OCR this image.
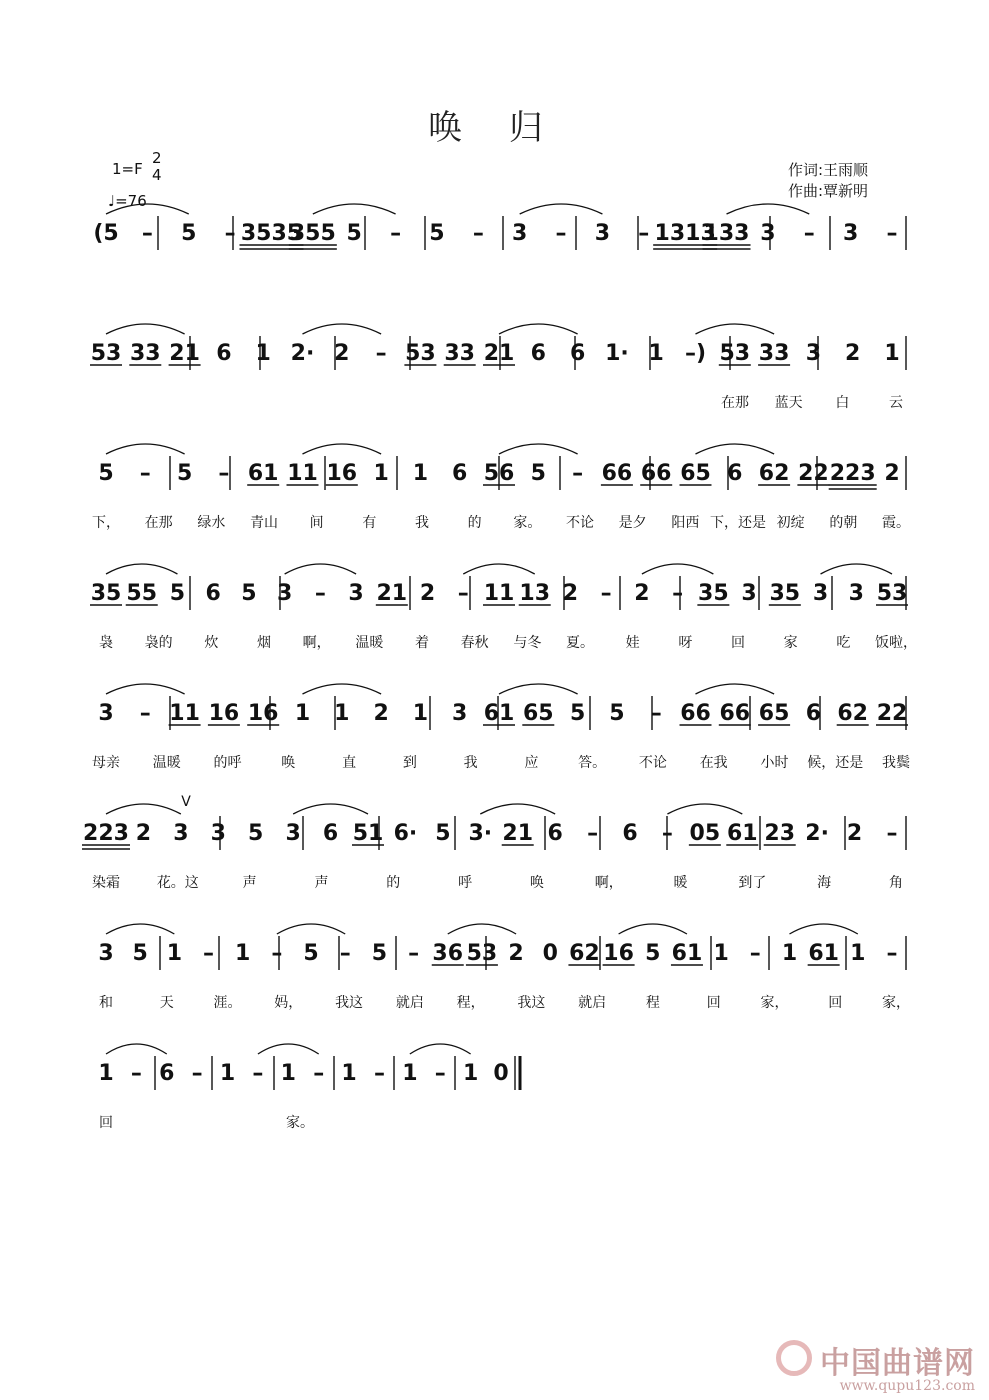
唤 归
1=F
2
4
♩=76
作词:王雨顺
作曲:覃新明
(5 – 5 – 3535
355 5 – 5 – 3 – 3 – 1313
133 3 – 3 –
53 33 21 6 1 2· 2 – 53 33 21 6 6 1· 1 –) 53 33 3 2 1
在那 蓝天 白	云
5 – 5 – 61 11 16 1 1 6 56 5 – 66 66 65 6 62 22 223 2
下， 在那 绿水 青山 间	有	我	的 家。 不论 是夕 阳西 下，还是 初绽 的朝 霞。
35 55 5 6 5 3 – 3 21 2 – 11 13 2 – 2 – 35 3 35 3 3 53
袅 袅的 炊	烟 啊， 温暖 着 春秋 与冬 夏。 娃	呀	回	家	吃 饭啦，
3 – 11 16 16 1 1 2 1 3 61 65 5 5 – 66 66 65 6 62 22
母亲 温暖 的呼	唤	直	到	我	应	答。 不论 在我 小时 候，还是 我鬓
223 2 3 3 5 3 6 51 6· 5 3· 21 6 – 6 – 05 61 23 2· 2 –
染霜	花。这	声	声	的	呼	唤	啊，	暖	到了	海	角
V
3 5 1 – 1 – 5 – 5 – 36 53 2 0 62 16 5 61 1 – 1 61 1 –
和	天	涯。 妈， 我这 就启 程， 我这 就启	程	回	家，	回	家，
1 – 6 – 1 – 1 – 1 – 1 – 1 0
回	家。
中国曲谱网
www.qupu123.com
